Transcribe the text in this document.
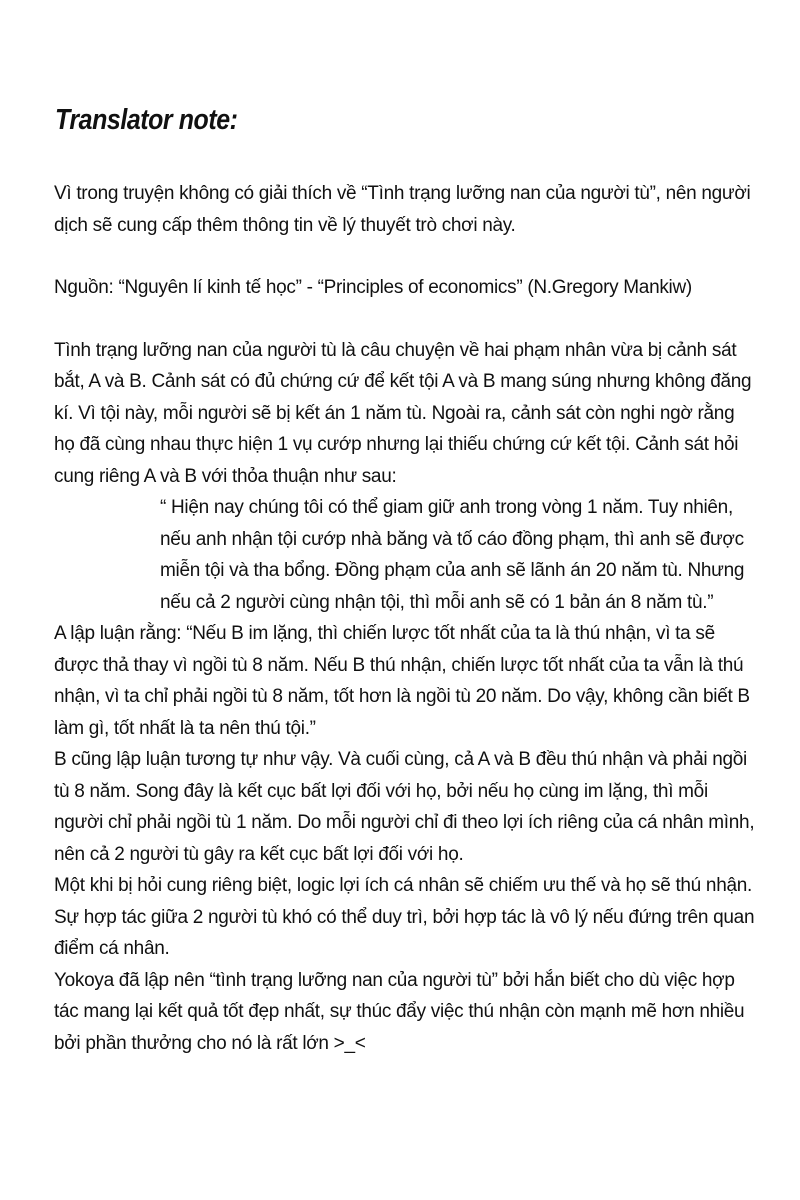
Translator note:

Vì trong truyện không có giải thích về “Tình trạng lưỡng nan của người tù”, nên người dịch sẽ cung cấp thêm thông tin về lý thuyết trò chơi này.

Nguồn: “Nguyên lí kinh tế học” - “Principles of economics” (N.Gregory Mankiw)

Tình trạng lưỡng nan của người tù là câu chuyện về hai phạm nhân vừa bị cảnh sát bắt, A và B. Cảnh sát có đủ chứng cứ để kết tội A và B mang súng nhưng không đăng kí. Vì tội này, mỗi người sẽ bị kết án 1 năm tù. Ngoài ra, cảnh sát còn nghi ngờ rằng họ đã cùng nhau thực hiện 1 vụ cướp nhưng lại thiếu chứng cứ kết tội. Cảnh sát hỏi cung riêng A và B với thỏa thuận như sau:

“ Hiện nay chúng tôi có thể giam giữ anh trong vòng 1 năm. Tuy nhiên, nếu anh nhận tội cướp nhà băng và tố cáo đồng phạm, thì anh sẽ được miễn tội và tha bổng. Đồng phạm của anh sẽ lãnh án 20 năm tù. Nhưng nếu cả 2 người cùng nhận tội, thì mỗi anh sẽ có 1 bản án 8 năm tù.”

A lập luận rằng: “Nếu B im lặng, thì chiến lược tốt nhất của ta là thú nhận, vì ta sẽ được thả thay vì ngồi tù 8 năm. Nếu B thú nhận, chiến lược tốt nhất của ta vẫn là thú nhận, vì ta chỉ phải ngồi tù 8 năm, tốt hơn là ngồi tù 20 năm. Do vậy, không cần biết B làm gì, tốt nhất là ta nên thú tội.”

B cũng lập luận tương tự như vậy. Và cuối cùng, cả A và B đều thú nhận và phải ngồi tù 8 năm. Song đây là kết cục bất lợi đối với họ, bởi nếu họ cùng im lặng, thì mỗi người chỉ phải ngồi tù 1 năm. Do mỗi người chỉ đi theo lợi ích riêng của cá nhân mình, nên cả 2 người tù gây ra kết cục bất lợi đối với họ.

Một khi bị hỏi cung riêng biệt, logic lợi ích cá nhân sẽ chiếm ưu thế và họ sẽ thú nhận. Sự hợp tác giữa 2 người tù khó có thể duy trì, bởi hợp tác là vô lý nếu đứng trên quan điểm cá nhân.

Yokoya đã lập nên “tình trạng lưỡng nan của người tù” bởi hắn biết cho dù việc hợp tác mang lại kết quả tốt đẹp nhất, sự thúc đẩy việc thú nhận còn mạnh mẽ hơn nhiều bởi phần thưởng cho nó là rất lớn >_<
